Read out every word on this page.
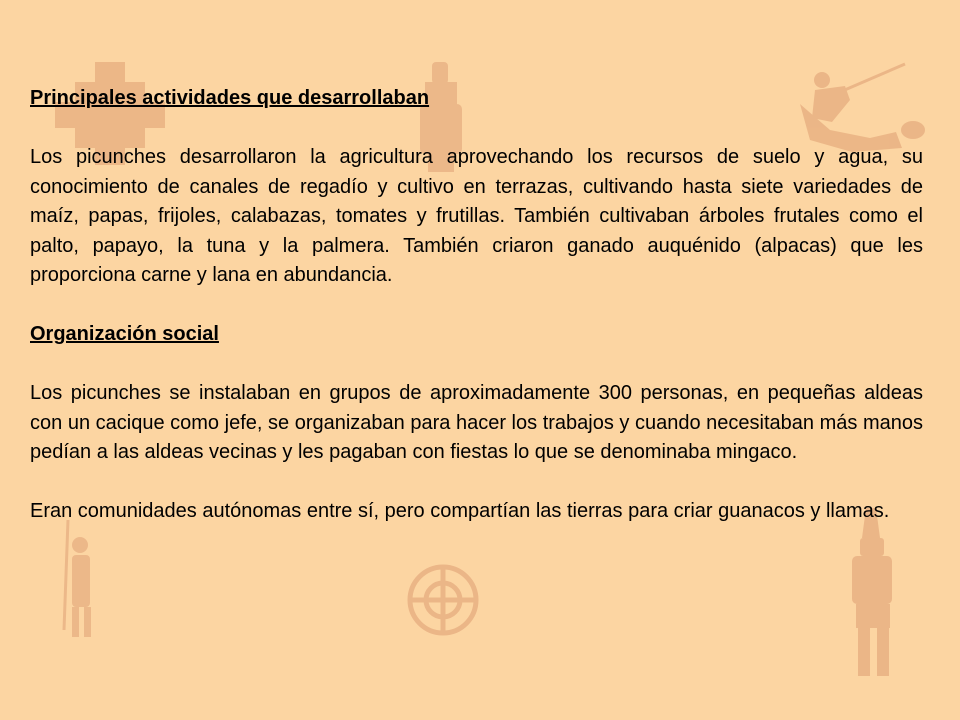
Principales actividades que desarrollaban

Los picunches desarrollaron la agricultura aprovechando los recursos de suelo y agua, su conocimiento de canales de regadío y cultivo en terrazas, cultivando hasta siete variedades de maíz, papas, frijoles, calabazas, tomates y frutillas. También cultivaban árboles frutales como el palto, papayo, la tuna y la palmera. También criaron ganado auquénido (alpacas) que les proporciona carne y lana en abundancia.

Organización social

Los picunches se instalaban en grupos de aproximadamente 300 personas, en pequeñas aldeas con un cacique como jefe, se organizaban para hacer los trabajos y cuando necesitaban más manos pedían a las aldeas vecinas y les pagaban con fiestas lo que se denominaba mingaco.

Eran comunidades autónomas entre sí, pero compartían las tierras para criar guanacos y llamas.
